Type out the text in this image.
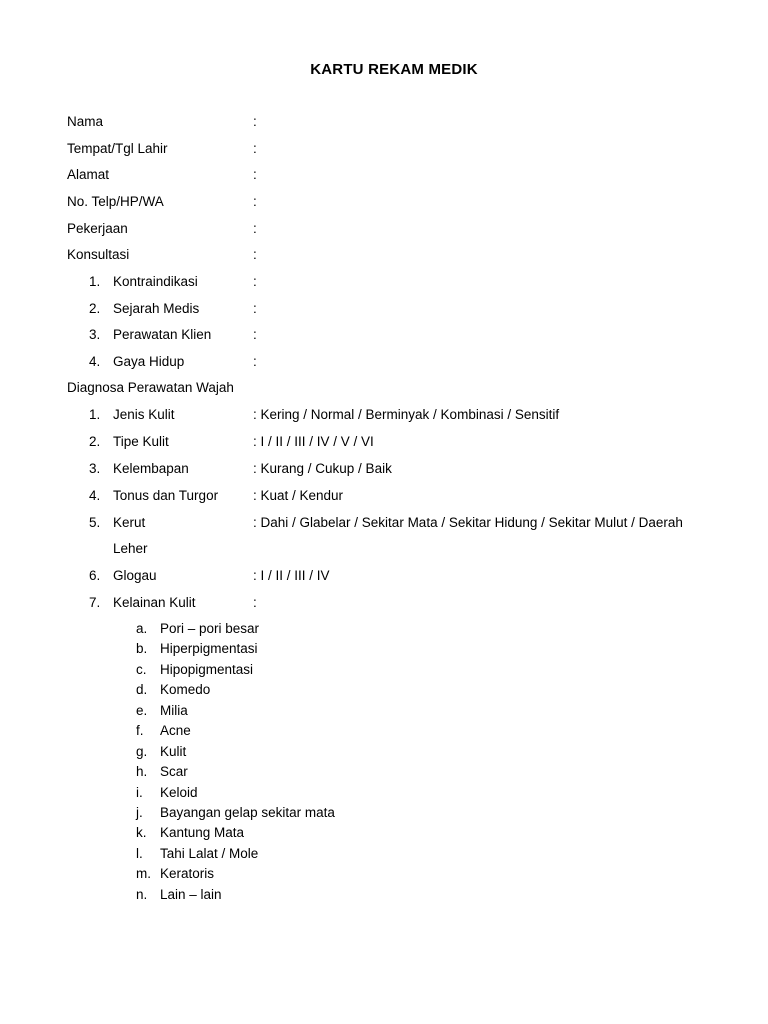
KARTU REKAM MEDIK
Nama	:
Tempat/Tgl Lahir	:
Alamat	:
No. Telp/HP/WA	:
Pekerjaan	:
Konsultasi	:
1. Kontraindikasi	:
2. Sejarah Medis	:
3. Perawatan Klien	:
4. Gaya Hidup	:
Diagnosa Perawatan Wajah
1. Jenis Kulit	: Kering / Normal / Berminyak / Kombinasi / Sensitif
2. Tipe Kulit	: I / II / III / IV / V / VI
3. Kelembapan	: Kurang / Cukup / Baik
4. Tonus dan Turgor	: Kuat / Kendur
5. Kerut	: Dahi / Glabelar / Sekitar Mata / Sekitar Hidung / Sekitar Mulut / Daerah
Leher
6. Glogau	: I / II / III / IV
7. Kelainan Kulit	:
a. Pori – pori besar
b. Hiperpigmentasi
c. Hipopigmentasi
d. Komedo
e. Milia
f. Acne
g. Kulit
h. Scar
i. Keloid
j. Bayangan gelap sekitar mata
k. Kantung Mata
l. Tahi Lalat / Mole
m. Keratoris
n. Lain – lain
